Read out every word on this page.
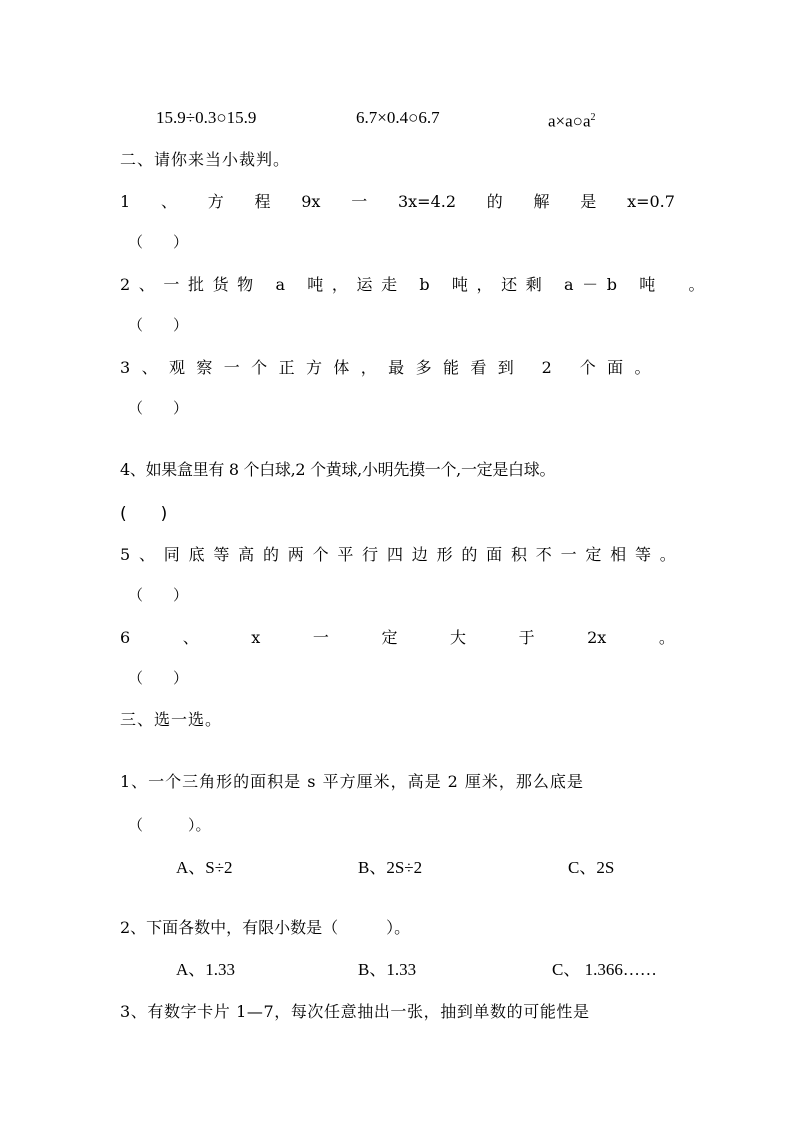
15.9÷0.3○15.9	6.7×0.4○6.7	$a\times a○a^2$
二、请你来当小裁判。
1 、 方 程 9x 一 3x=4.2 的 解 是 x=0.7
（　　）
2、一批货物 a 吨，运走 b 吨，还剩 a－b 吨　。
（　　）
3、观察一个正方体，最多能看到 2 个面。
（　　）
4、如果盒里有 8 个白球,2 个黄球,小明先摸一个,一定是白球。
(　　)
5、同底等高的两个平行四边形的面积不一定相等。
（　　）
6	、	x	一	定	大	于	2x	。
（　　）
三、选一选。
1、一个三角形的面积是 s 平方厘米，高是 2 厘米，那么底是
（　　　）。
A、S÷2	B、2S÷2	C、2S
2、下面各数中，有限小数是（　　　）。
A、1.33	B、1.33	C、 1.366……
3、有数字卡片 1—7，每次任意抽出一张，抽到单数的可能性是
